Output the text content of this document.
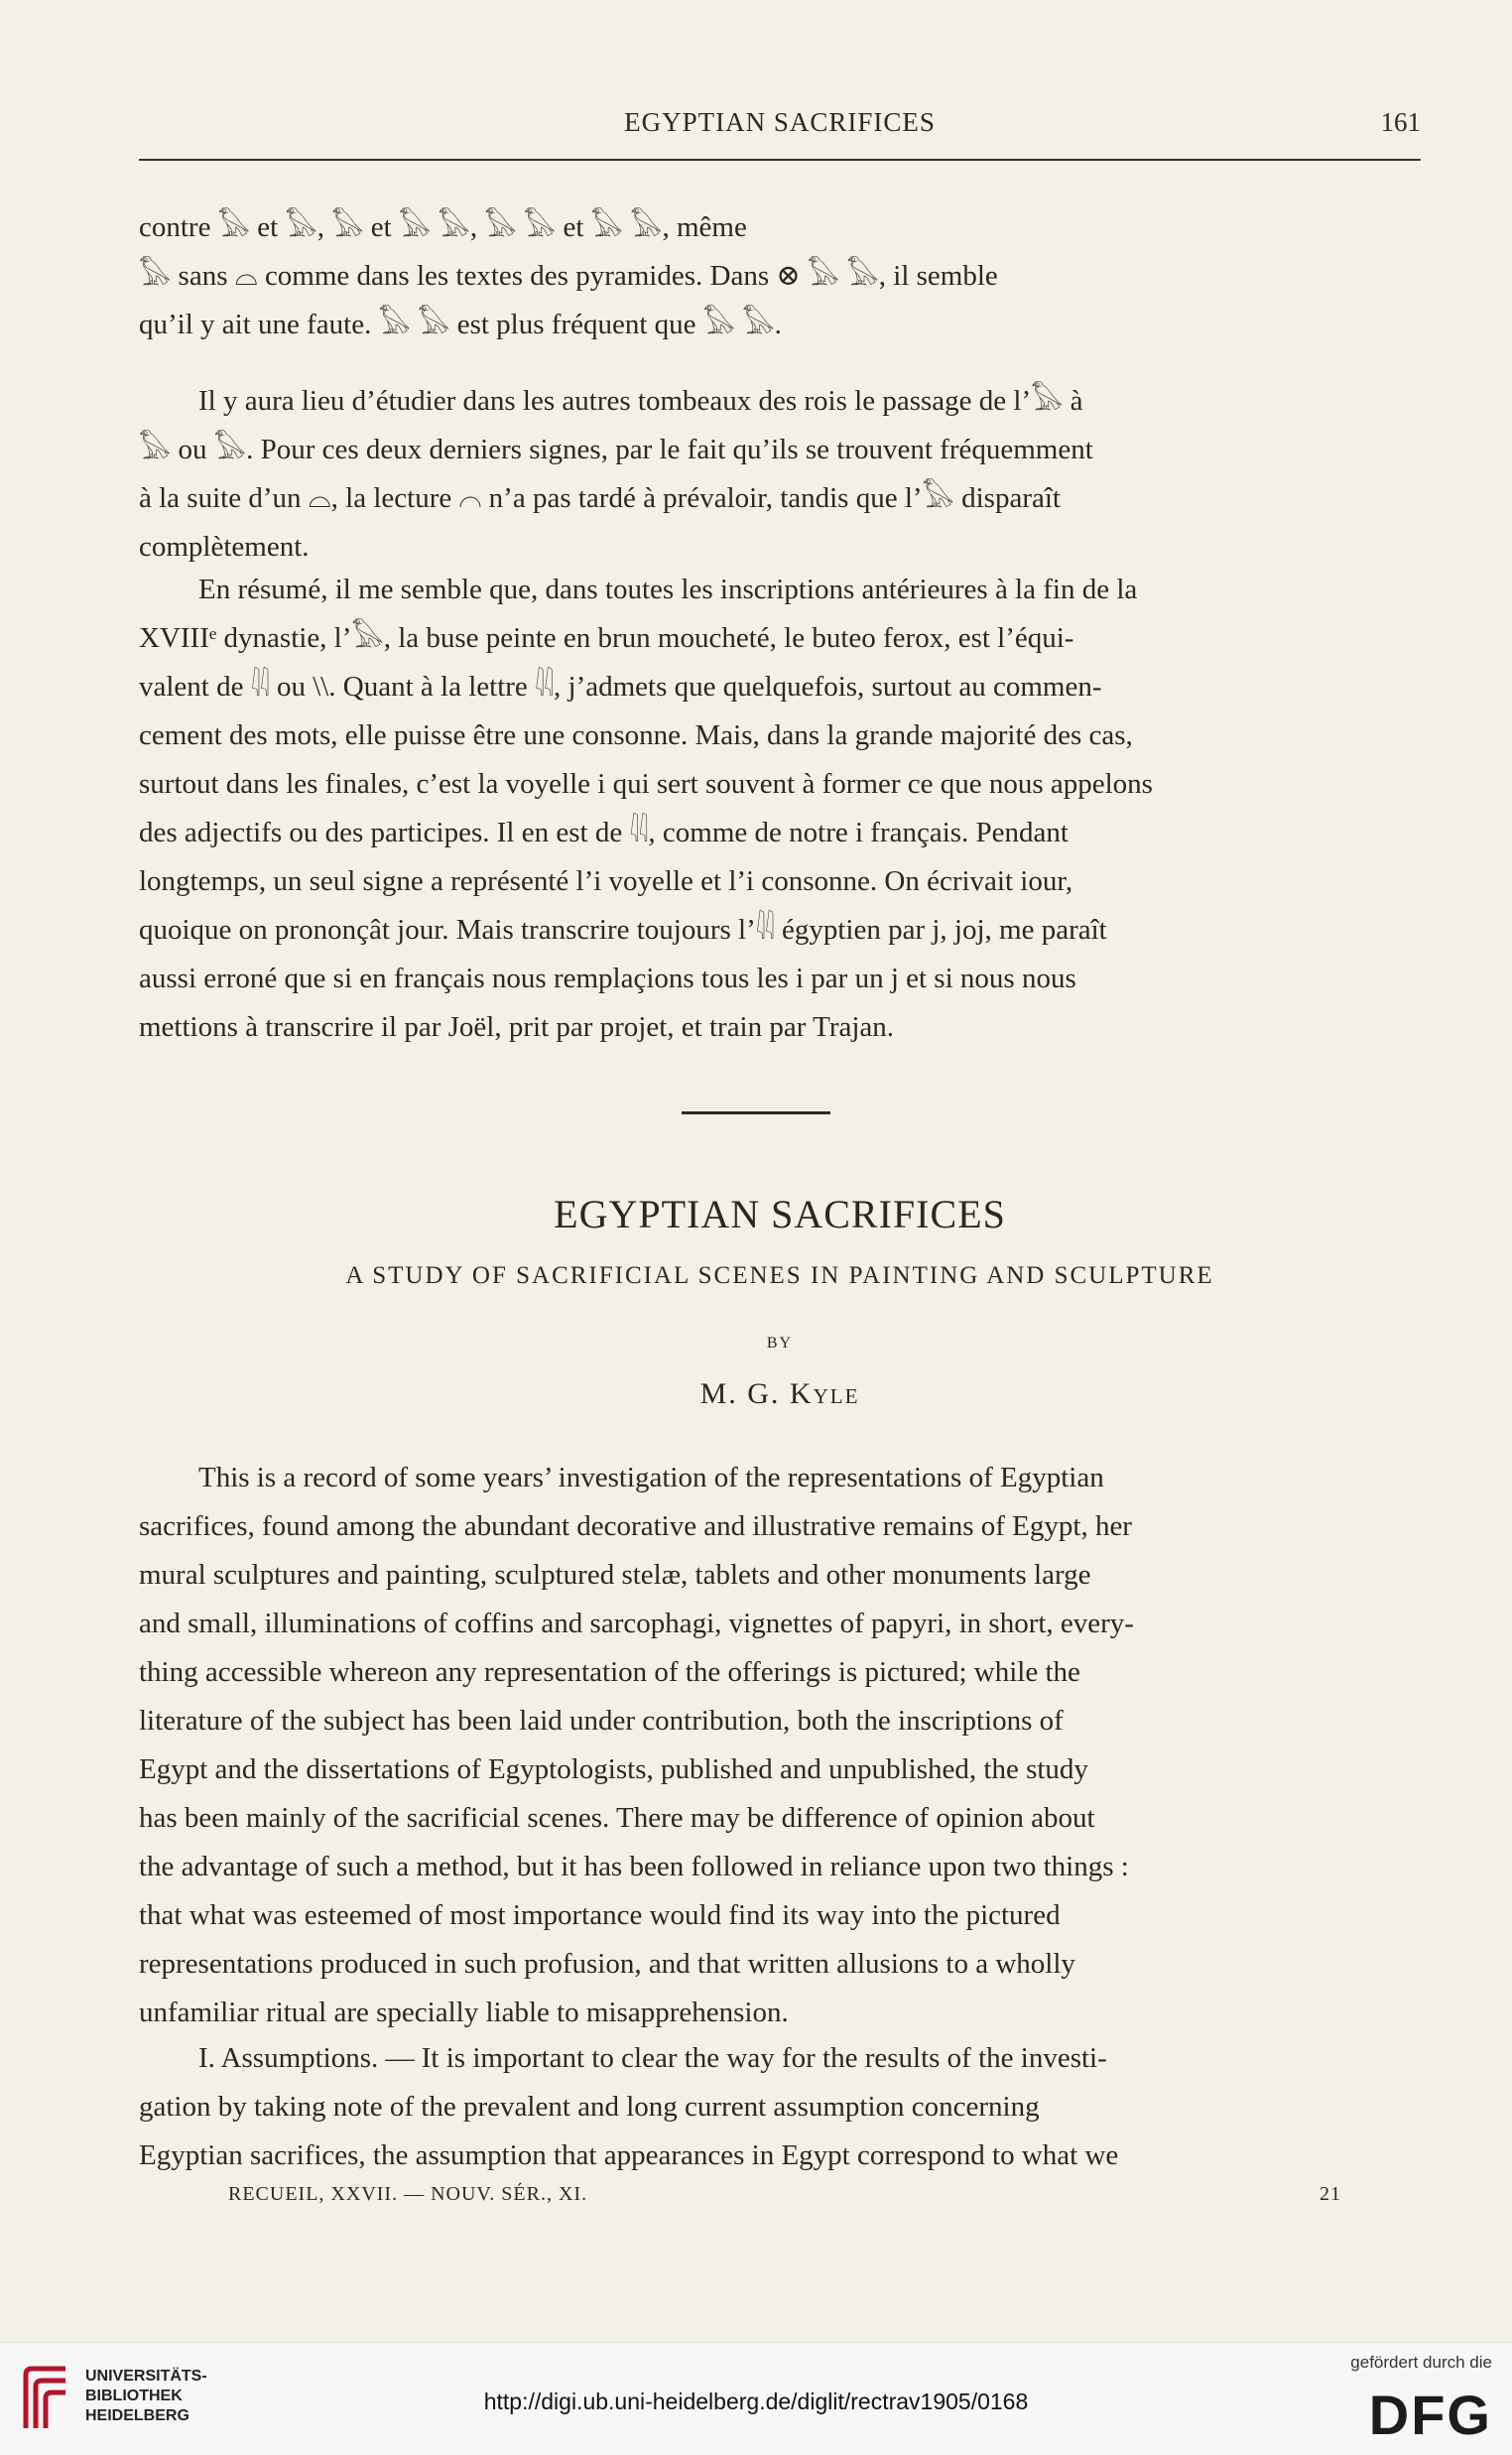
EGYPTIAN SACRIFICES	161

contre 𓅃 et 𓅃, 𓅃 et 𓅃 𓅃, 𓅃 𓅃 et 𓅃 𓅃, même

𓅃 sans ⌓ comme dans les textes des pyramides. Dans ⊗ 𓅃 𓅃, il semble

qu’il y ait une faute. 𓅃 𓅃 est plus fréquent que 𓅃 𓅃.

Il y aura lieu d’étudier dans les autres tombeaux des rois le passage de l’𓅃 à

𓅃 ou 𓅃. Pour ces deux derniers signes, par le fait qu’ils se trouvent fréquemment

à la suite d’un ⌓, la lecture ⌒ n’a pas tardé à prévaloir, tandis que l’𓅃 disparaît

complètement.

En résumé, il me semble que, dans toutes les inscriptions antérieures à la fin de la

XVIIIᵉ dynastie, l’𓅃, la buse peinte en brun moucheté, le buteo ferox, est l’équi-

valent de 𓇌 ou \\. Quant à la lettre 𓇌, j’admets que quelquefois, surtout au commen-

cement des mots, elle puisse être une consonne. Mais, dans la grande majorité des cas,

surtout dans les finales, c’est la voyelle i qui sert souvent à former ce que nous appelons

des adjectifs ou des participes. Il en est de 𓇌, comme de notre i français. Pendant

longtemps, un seul signe a représenté l’i voyelle et l’i consonne. On écrivait iour,

quoique on prononçât jour. Mais transcrire toujours l’𓇌 égyptien par j, joj, me paraît

aussi erroné que si en français nous remplaçions tous les i par un j et si nous nous

mettions à transcrire il par Joël, prit par projet, et train par Trajan.

EGYPTIAN SACRIFICES
A STUDY OF SACRIFICIAL SCENES IN PAINTING AND SCULPTURE
BY
M. G. Kyle

This is a record of some years’ investigation of the representations of Egyptian

sacrifices, found among the abundant decorative and illustrative remains of Egypt, her

mural sculptures and painting, sculptured stelæ, tablets and other monuments large

and small, illuminations of coffins and sarcophagi, vignettes of papyri, in short, every-

thing accessible whereon any representation of the offerings is pictured; while the

literature of the subject has been laid under contribution, both the inscriptions of

Egypt and the dissertations of Egyptologists, published and unpublished, the study

has been mainly of the sacrificial scenes. There may be difference of opinion about

the advantage of such a method, but it has been followed in reliance upon two things :

that what was esteemed of most importance would find its way into the pictured

representations produced in such profusion, and that written allusions to a wholly

unfamiliar ritual are specially liable to misapprehension.

I. Assumptions. — It is important to clear the way for the results of the investi-

gation by taking note of the prevalent and long current assumption concerning

Egyptian sacrifices, the assumption that appearances in Egypt correspond to what we

RECUEIL, XXVII. — NOUV. SÉR., XI.	21
UNIVERSITÄTS-
BIBLIOTHEK
HEIDELBERG
http://digi.ub.uni-heidelberg.de/diglit/rectrav1905/0168
gefördert durch die
DFG
